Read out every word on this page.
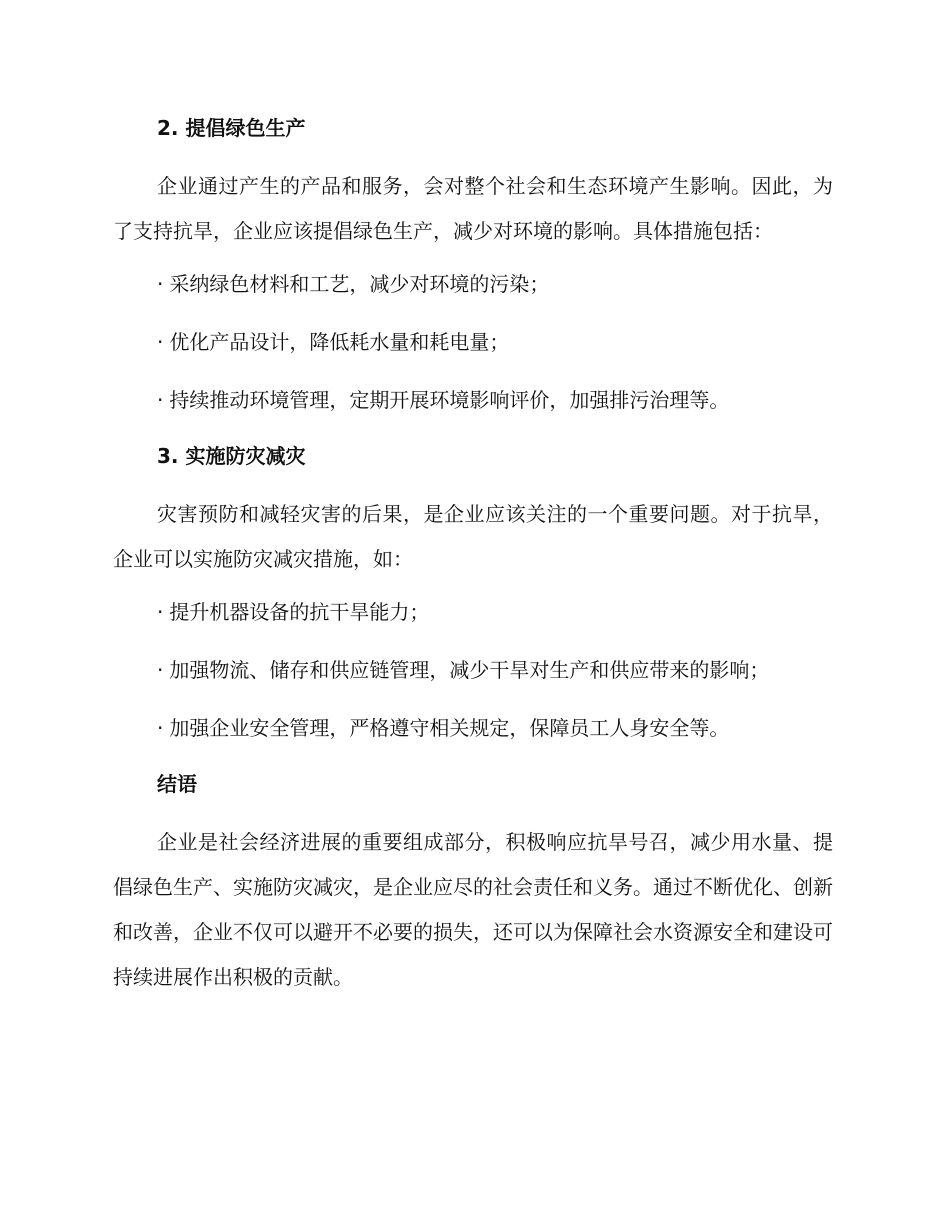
2. 提倡绿色生产

企业通过产生的产品和服务，会对整个社会和生态环境产生影响。因此，为了支持抗旱，企业应该提倡绿色生产，减少对环境的影响。具体措施包括：

· 采纳绿色材料和工艺，减少对环境的污染；
· 优化产品设计，降低耗水量和耗电量；
· 持续推动环境管理，定期开展环境影响评价，加强排污治理等。
3. 实施防灾减灾

灾害预防和减轻灾害的后果，是企业应该关注的一个重要问题。对于抗旱，企业可以实施防灾减灾措施，如：

· 提升机器设备的抗干旱能力；
· 加强物流、储存和供应链管理，减少干旱对生产和供应带来的影响；
· 加强企业安全管理，严格遵守相关规定，保障员工人身安全等。
结语

企业是社会经济进展的重要组成部分，积极响应抗旱号召，减少用水量、提倡绿色生产、实施防灾减灾，是企业应尽的社会责任和义务。通过不断优化、创新和改善，企业不仅可以避开不必要的损失，还可以为保障社会水资源安全和建设可持续进展作出积极的贡献。
